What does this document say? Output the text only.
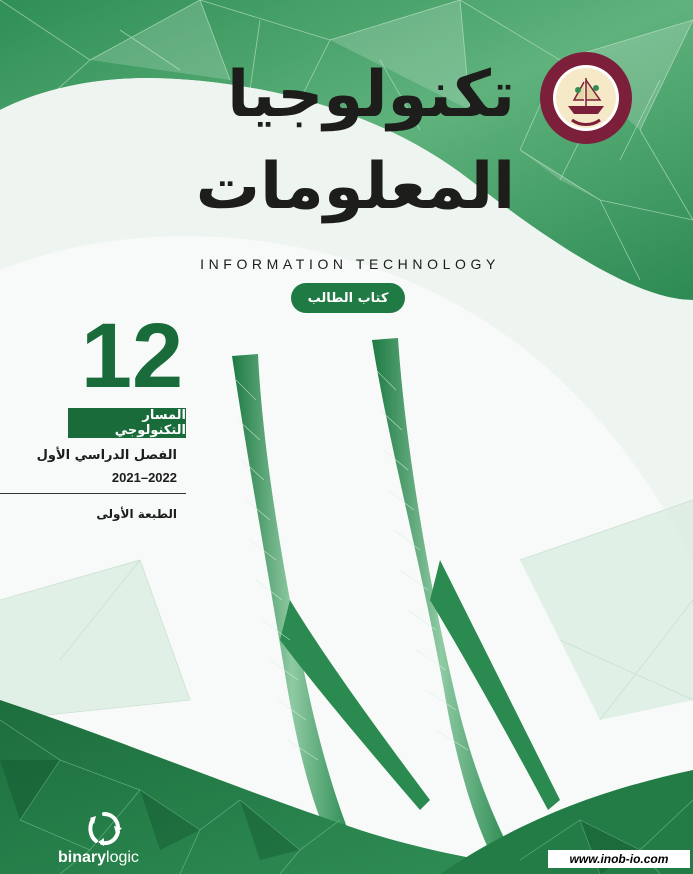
تكنولوجيا
المعلومات
INFORMATION TECHNOLOGY
كتاب الطالب
12
المسار التكنولوجي
الفصل الدراسي الأول
2021–2022
الطبعة الأولى
binarylogic	www.inob-io.com
